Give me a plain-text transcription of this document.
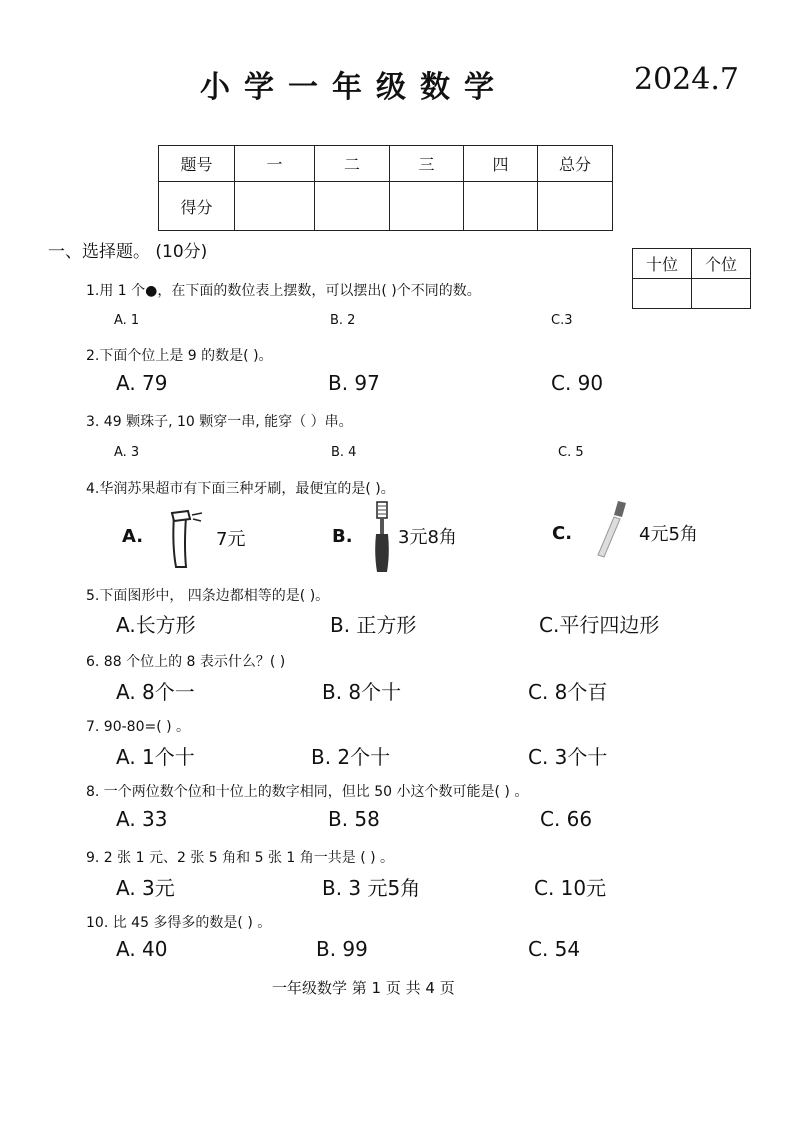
小学一年级数学	2024.7
题号	一	二	三	四	总分
得分					
十位	个位

一、选择题。 (10分)
1.用 1 个●，在下面的数位表上摆数，可以摆出( )个不同的数。
A. 1	B. 2	C.3
2.下面个位上是 9 的数是( )。
A. 79	B. 97	C. 90
3. 49 颗珠子, 10 颗穿一串, 能穿（ ）串。
A. 3	B. 4	C. 5
4.华润苏果超市有下面三种牙刷，最便宜的是( )。
A.	7元	B.	3元8角	C.	4元5角
5.下面图形中， 四条边都相等的是( )。
A.长方形	B. 正方形	C.平行四边形
6. 88 个位上的 8 表示什么？( )
A. 8个一	B. 8个十	C. 8个百
7. 90-80=( ) 。
A. 1个十	B. 2个十	C. 3个十
8. 一个两位数个位和十位上的数字相同，但比 50 小这个数可能是( ) 。
A. 33	B. 58	C. 66
9. 2 张 1 元、2 张 5 角和 5 张 1 角一共是 ( ) 。
A. 3元	B. 3 元5角	C. 10元
10. 比 45 多得多的数是( ) 。
A. 40	B. 99	C. 54
一年级数学 第 1 页 共 4 页
